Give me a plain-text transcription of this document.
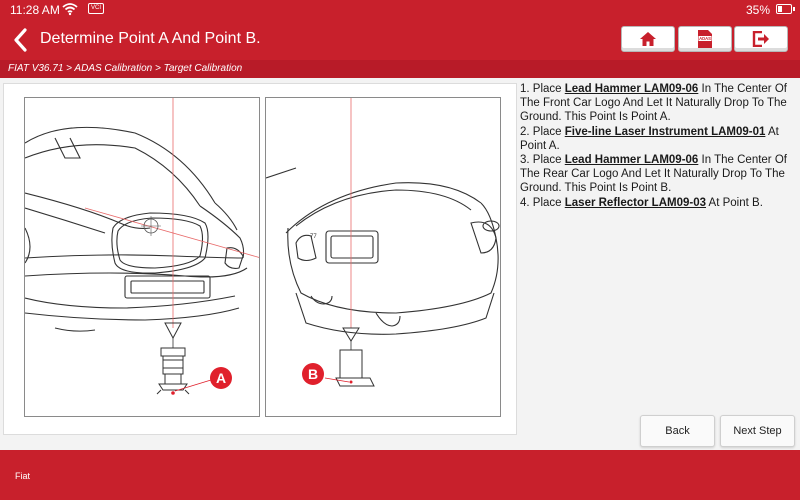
11:28 AM	VCI	35%
Determine Point A And Point B.	ADAS
FIAT V36.71 > ADAS Calibration > Target Calibration
A
77
B

1. Place Lead Hammer LAM09-06 In The Center Of The Front Car Logo And Let It Naturally Drop To The Ground. This Point Is Point A.

2. Place Five-line Laser Instrument LAM09-01 At Point A.

3. Place Lead Hammer LAM09-06 In The Center Of The Rear Car Logo And Let It Naturally Drop To The Ground. This Point Is Point B.

4. Place Laser Reflector LAM09-03 At Point B.

Back	Next Step
Fiat
